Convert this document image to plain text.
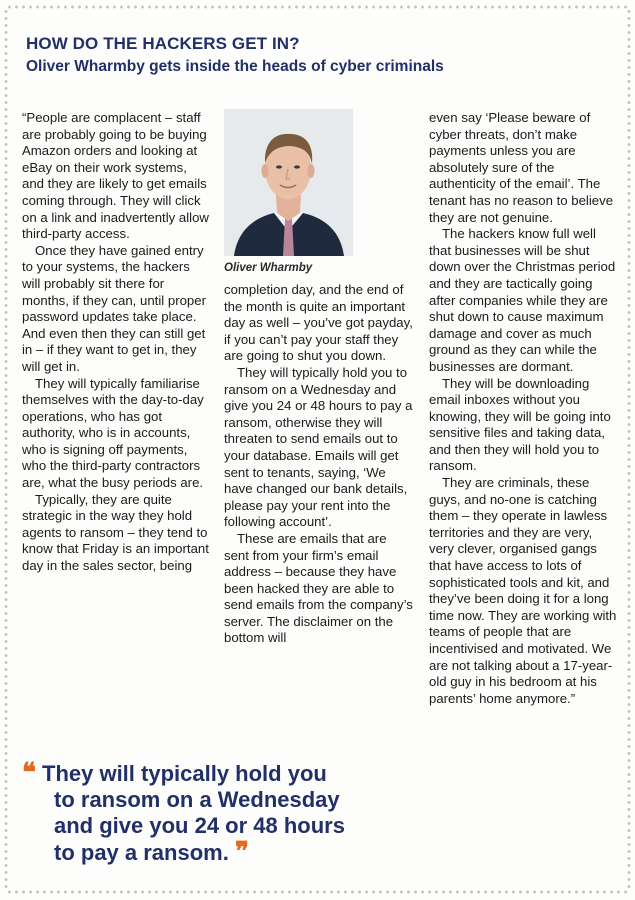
HOW DO THE HACKERS GET IN?
Oliver Wharmby gets inside the heads of cyber criminals

“People are complacent – staff are probably going to be buying Amazon orders and looking at eBay on their work systems, and they are likely to get emails coming through. They will click on a link and inadvertently allow third-party access.

Once they have gained entry to your systems, the hackers will probably sit there for months, if they can, until proper password updates take place. And even then they can still get in – if they want to get in, they will get in.

They will typically familiarise themselves with the day-to-day operations, who has got authority, who is in accounts, who is signing off payments, who the third-party contractors are, what the busy periods are.

Typically, they are quite strategic in the way they hold agents to ransom – they tend to know that Friday is an important day in the sales sector, being

Oliver Wharmby

completion day, and the end of the month is quite an important day as well – you’ve got payday, if you can’t pay your staff they are going to shut you down.

They will typically hold you to ransom on a Wednesday and give you 24 or 48 hours to pay a ransom, otherwise they will threaten to send emails out to your database. Emails will get sent to tenants, saying, ‘We have changed our bank details, please pay your rent into the following account’.

These are emails that are sent from your firm’s email address – because they have been hacked they are able to send emails from the company’s server. The disclaimer on the bottom will

even say ‘Please beware of cyber threats, don’t make payments unless you are absolutely sure of the authenticity of the email’. The tenant has no reason to believe they are not genuine.

The hackers know full well that businesses will be shut down over the Christmas period and they are tactically going after companies while they are shut down to cause maximum damage and cover as much ground as they can while the businesses are dormant.

They will be downloading email inboxes without you knowing, they will be going into sensitive files and taking data, and then they will hold you to ransom.

They are criminals, these guys, and no-one is catching them – they operate in lawless territories and they are very, very clever, organised gangs that have access to lots of sophisticated tools and kit, and they’ve been doing it for a long time now. They are working with teams of people that are incentivised and motivated. We are not talking about a 17-year-old guy in his bedroom at his parents’ home anymore.”

❝ They will typically hold you
to ransom on a Wednesday
and give you 24 or 48 hours
to pay a ransom. ❞
